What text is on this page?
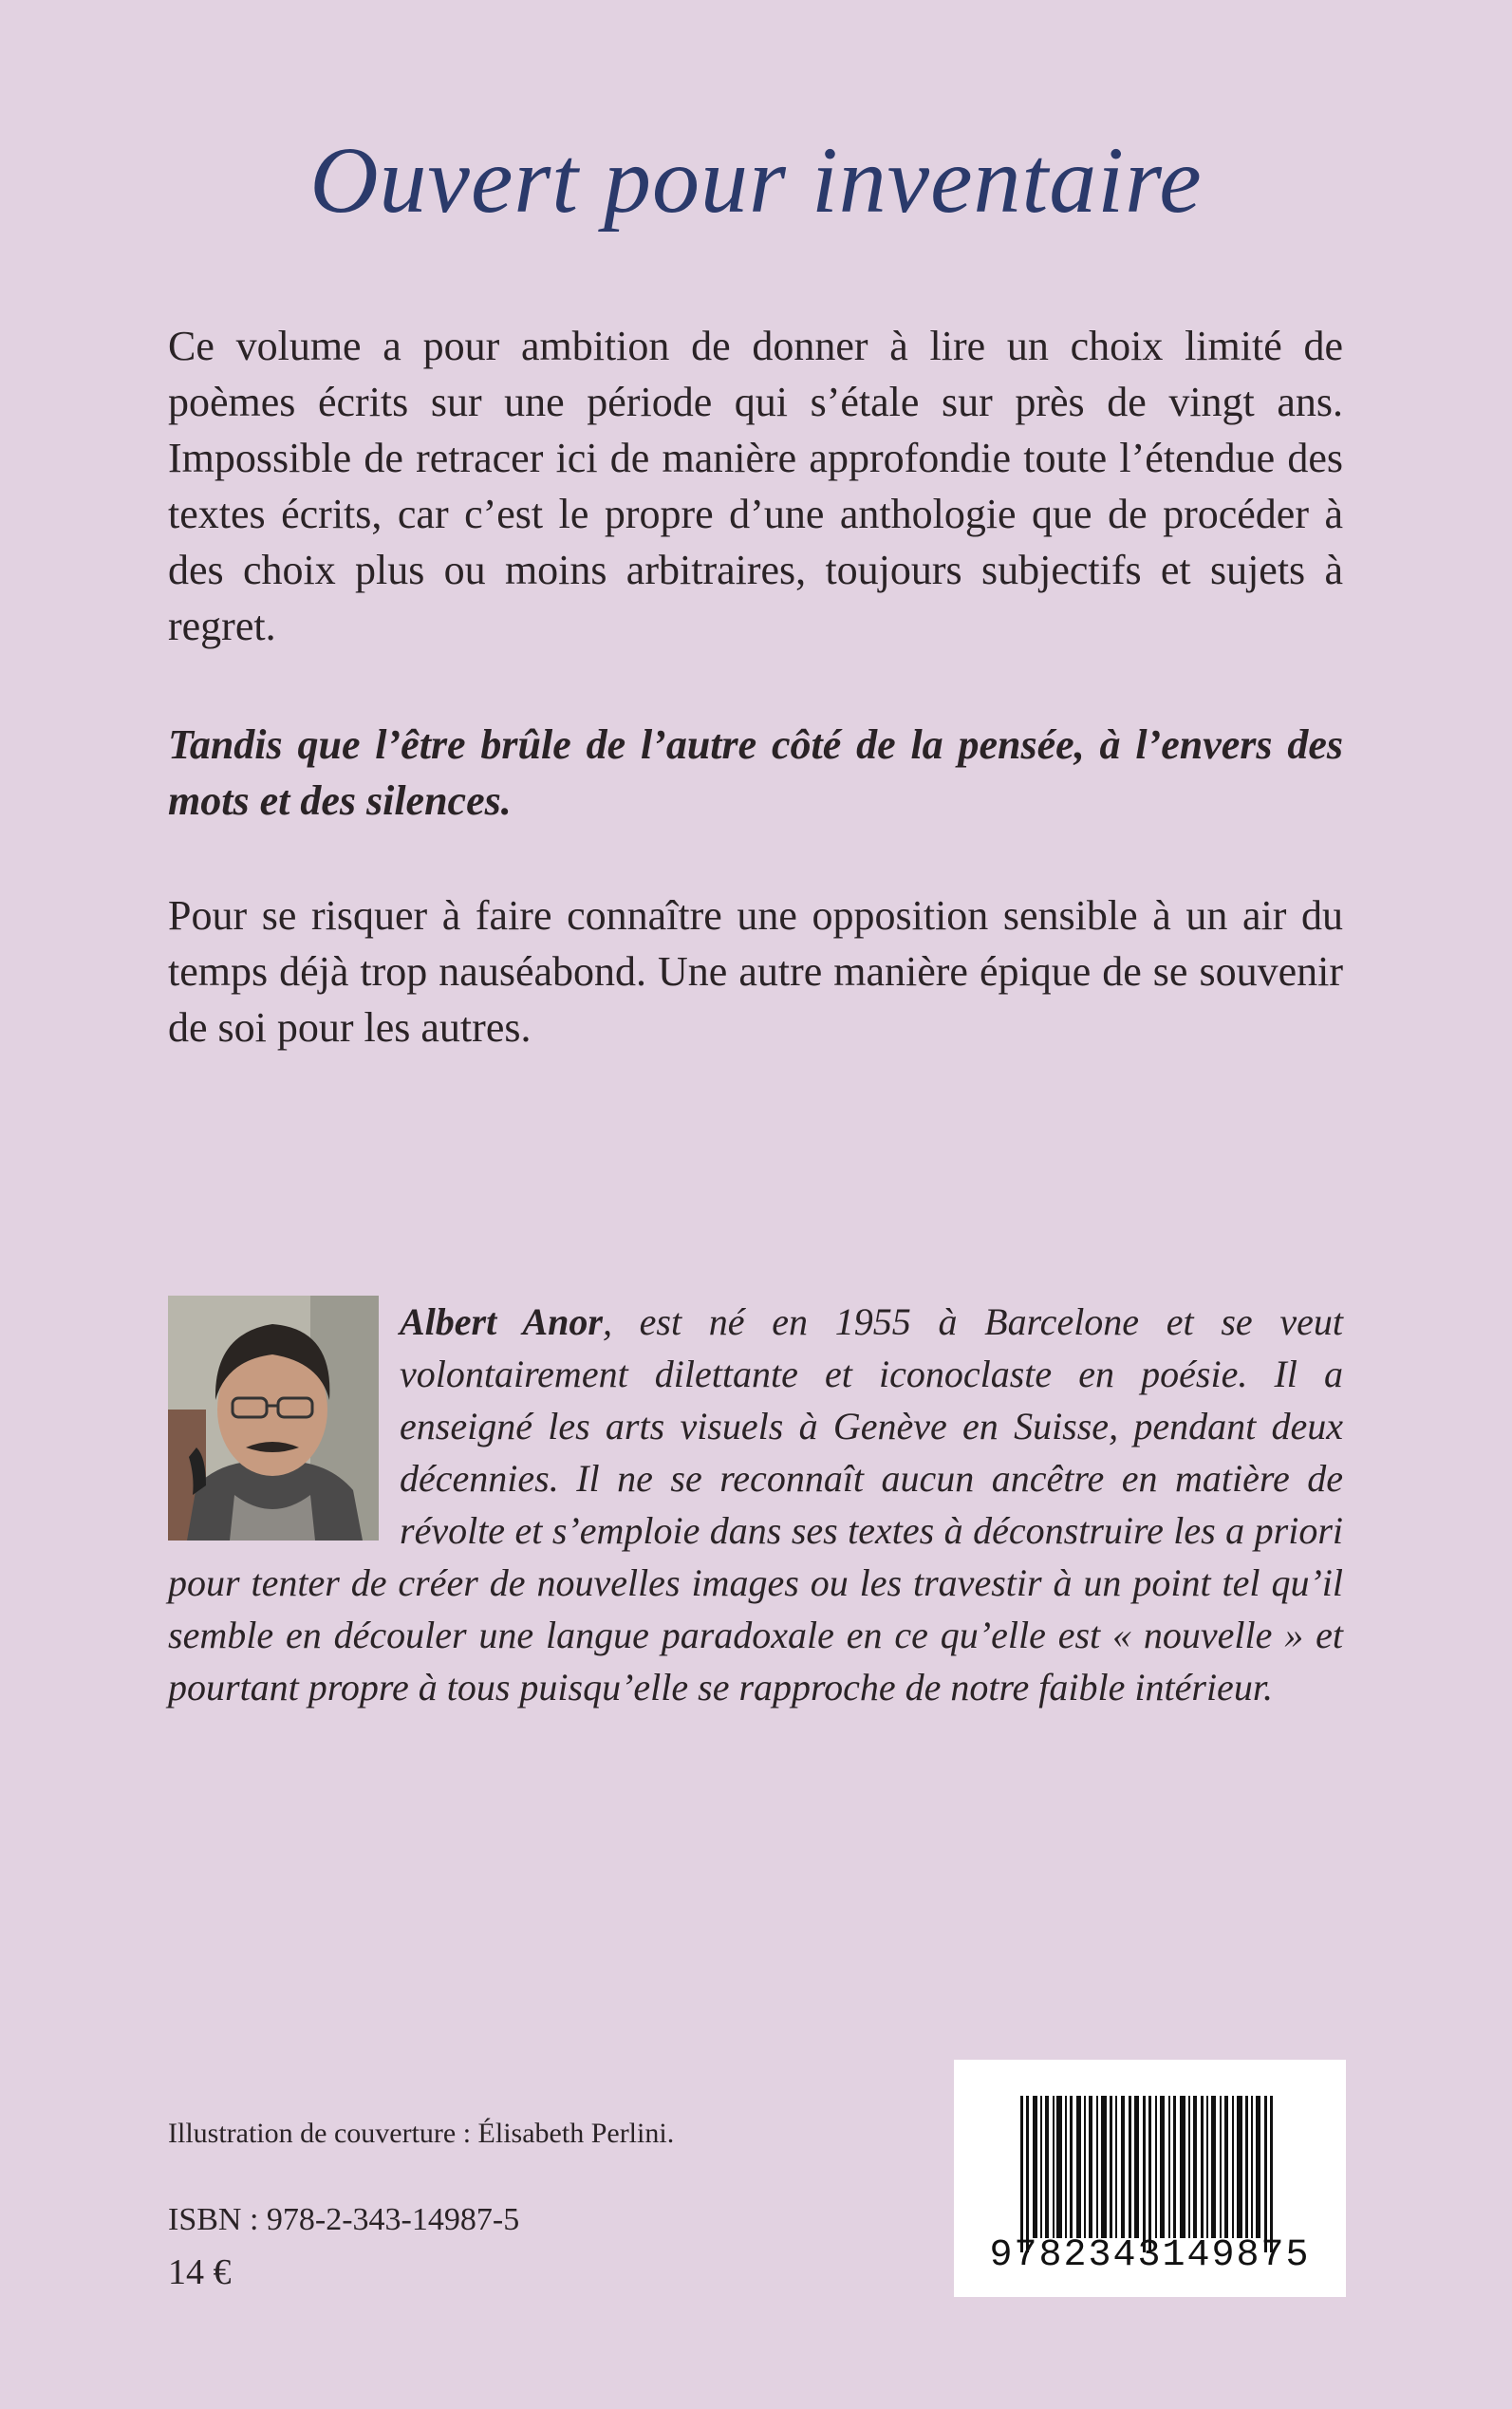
Ouvert pour inventaire
Ce volume a pour ambition de donner à lire un choix limité de poèmes écrits sur une période qui s’étale sur près de vingt ans. Impossible de retracer ici de manière approfondie toute l’étendue des textes écrits, car c’est le propre d’une anthologie que de procéder à des choix plus ou moins arbitraires, toujours subjectifs et sujets à regret.
Tandis que l’être brûle de l’autre côté de la pensée, à l’envers des mots et des silences.
Pour se risquer à faire connaître une opposition sensible à un air du temps déjà trop nauséabond. Une autre manière épique de se souvenir de soi pour les autres.
Albert Anor, est né en 1955 à Barcelone et se veut volontairement dilettante et iconoclaste en poésie. Il a enseigné les arts visuels à Genève en Suisse, pendant deux décennies. Il ne se reconnaît aucun ancêtre en matière de révolte et s’emploie dans ses textes à déconstruire les a priori pour tenter de créer de nouvelles images ou les travestir à un point tel qu’il semble en découler une langue paradoxale en ce qu’elle est « nouvelle » et pourtant propre à tous puisqu’elle se rapproche de notre faible intérieur.
Illustration de couverture : Élisabeth Perlini.
ISBN : 978-2-343-14987-5
14 €	9782343149875
